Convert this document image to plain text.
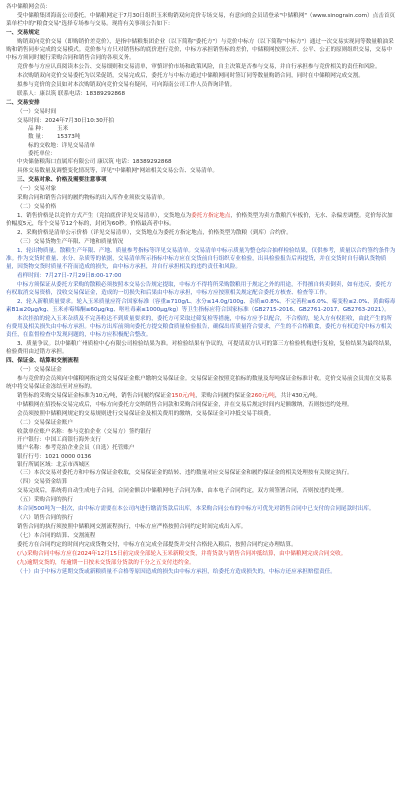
各中储粮网会员：

受中储粮集团海南公司委托，中储粮网定于7月30日组织玉米购销双向竞价专场交易，有意向的会员请登录"中储粮网"（www.sinograin.com）点击首页菜单栏中的"粮食交易"选择专场参与交易。现将有关事项公告如下：

一、交易规定

购销双向竞价交易（即购销价差竞价），是指中储粮集团企业（以下简称"委托方"）与竞价中标方（以下简称"中标方"）通过一次交易实现同等数量粮油采购和销售同步完成的交易模式。竞价参与方只对销售标的底价进行竞价，中标方承担销售标的差价，中储粮网按照公开、公平、公正的原则组织交易，交易中中标方须同时履行采购合同和销售合同的各项义务。

竞价参与方应认真阅读本公告、交易细则和交易清单，审慎评价市场和政策风险，自主决策是否参与交易，并自行承担参与竞价相关的责任和风险。

本次购销双向竞价交易委托为以采促销，交易完成后，委托方与中标方通过中储粮网同时签订同等数量购销合同，同时在中储粮网完成交割。

拟参与竞价的会员如对本次购销双向竞价交易有疑问，可向海南公司工作人员咨询详情。

联系人：康以筑 联系电话：18389292868

二、交易安排

（一）交易时间

交易时间：2024年7月30日10:30开拍
品 种： 玉米
数 量： 15373吨
标的交收地：详见交易清单
委托单位：

中央储备粮海口直属库有限公司 康以筑 电话：18389292868

具体交易数量及调整变化情况等，详见"中储粮网"网站相关交易公告、交易清单。

三、交易对象、价格及需要注意事项

（一）交易对象

采购合同和销售合同的履约物标的出入库作业须依交易清单。

（二）交易价格

1、销售价格是以竞价方式产生（竞拍底价详见交易清单），交货地点为委托方指定地点，价格类型为卖方散粮汽车板价，无水、杂偏差调整。竞价每次加价幅度5元，每个交易节12个标的，封闭为60秒。价格最高者中标。

2、采购价格是清单公示价格（详见交易清单），交货地点为委托方指定地点，价格类型为散粮（到库）合约价。

（三）交易货物生产年限、产地和质量情况

1、轮出物质量。散粮生产年限、产地、质量参考指标等详见交易清单。交易清单中标示质量为整仓综合抽样检验结果，仅供参考，质量以合约签约条件为准。作为交货时重量、水分、杂质等的依据，交易清单所示指标中标方应在交货前自行组织专业检验，出具检验报告后再提货，并在交货时自行确认货物质量，因货物交货时质量不符而造成的损失，由中标方承担，并自行承担相关的违约责任和风险。

看样时间：7月27日-7月29日8:00-17:00

中标方须保证从委托方采购的散粮必须按照本交易公告规定提取，中标方不得将所采购散粮用于规定之外的用途，不得擅自转卖倒卖，如有违反，委托方有权取消交易资格，没收交易保证金，造成的一切损失和后果由中标方承担，中标方应按照相关规定配合委托方核查、检查等工作。

2、轮入新粮质量要求。轮入玉米质量应符合国家标准（容重≥710g/L、水分≤14.0g/100g、杂质≤0.8%、不完善粒≤6.0%、霉变粒≤2.0%、黄曲霉毒素B1≤20μg/kg、玉米赤霉烯酮≤60μg/kg、呕吐毒素≤1000μg/kg）等卫生指标应符合国家标准（GB2715-2016、GB2761-2017、GB2763-2021）。

本次挂拍的轮入玉米杂质及不完善粒达不到质量要求的，委托方可采取过筛复检等措施，中标方应予以配合，不合格的，轮入方有权拒收，由此产生的所有费用及相关损失由中标方承担。中标方出库前须向委托方提交粮食质量检验报告，确保出库质量符合要求，产生的不合格粮食，委托方有权追究中标方相关责任，在监督检查中发现问题的，中标方应积极配合整改。

3、质量争议。以中储粮广州质检中心有限公司检验结果为准。对检验结果有争议的，可提请双方认可的第三方检验机构进行复检，复检结果为最终结果，检验费用由过错方承担。

四、保证金、结算和交割流程

（一）交易保证金

参与竞价的会员须向中储粮网指定的交易保证金账户缴纳交易保证金。交易保证金按照竞拍标的数量及每吨保证金标准计收。竞价交易前会员需在交易系统中将交易保证金冻结至对应标的。

销售标的采购交易保证金标准为10元/吨，销售合同履约保证金150元/吨，采购合同履约保证金260元/吨，共计430元/吨。

中储粮网在招投标交易完成后，中标方向委托方交纳销售合同款和采购合同保证金，并在交易后规定时间内足额缴纳，否则按违约处理。

会员须按照中储粮网规定的交易规则进行交易保证金及相关费用的缴纳，交易保证金可冲抵交易手续费。

（二）交易保证金账户

收款单位账户名称：参与竞拍企业（交易方）签约银行
开户银行：中国工商银行海外支行
账户名称：参考竞拍企业会员（自选）托管账户
银行行号：1021 0000 0136
银行所属区域：北京市西城区

（三）本次交易对委托方和中标方保证金收取，交易保证金的结转、违约数量对应交易保证金和履约保证金的相关处理按有关规定执行。

（四）交易资金结算

交易完成后，系统将自动生成电子合同，合同金额以中储粮网电子合同为准，由本电子合同约定，双方须签署合同，否则按违约处理。

（五）采购合同的执行

本合同500吨为一批次，由中标方需要在本公司内进行缴清货款后出库，本采购合同公布的中标方可优先对销售合同中已支付的合同尾款时出库。

（六）销售合同的执行

销售合同的执行须按照中储粮网交割流程执行，中标方应严格按照合同约定时间完成出入库。

（七）本合同的结算、交割流程

委托方在合同约定的时间内完成货物交付，中标方在完成全部提货并交付合格轮入粮后，按照合同约定办理结算。

(八)采购合同中标方应在2024年12月15日前完成全部轮入玉米新粮交货，并将货款与销售合同冲抵结算，由中储粮网完成合同交收。

(九)逾期交货的，每逾期一日按未交货部分货款的千分之五支付违约金。

（十）由于中标方延期交货或新粮质量不合格等原因造成的损失由中标方承担，给委托方造成损失的，中标方还应承担赔偿责任。
